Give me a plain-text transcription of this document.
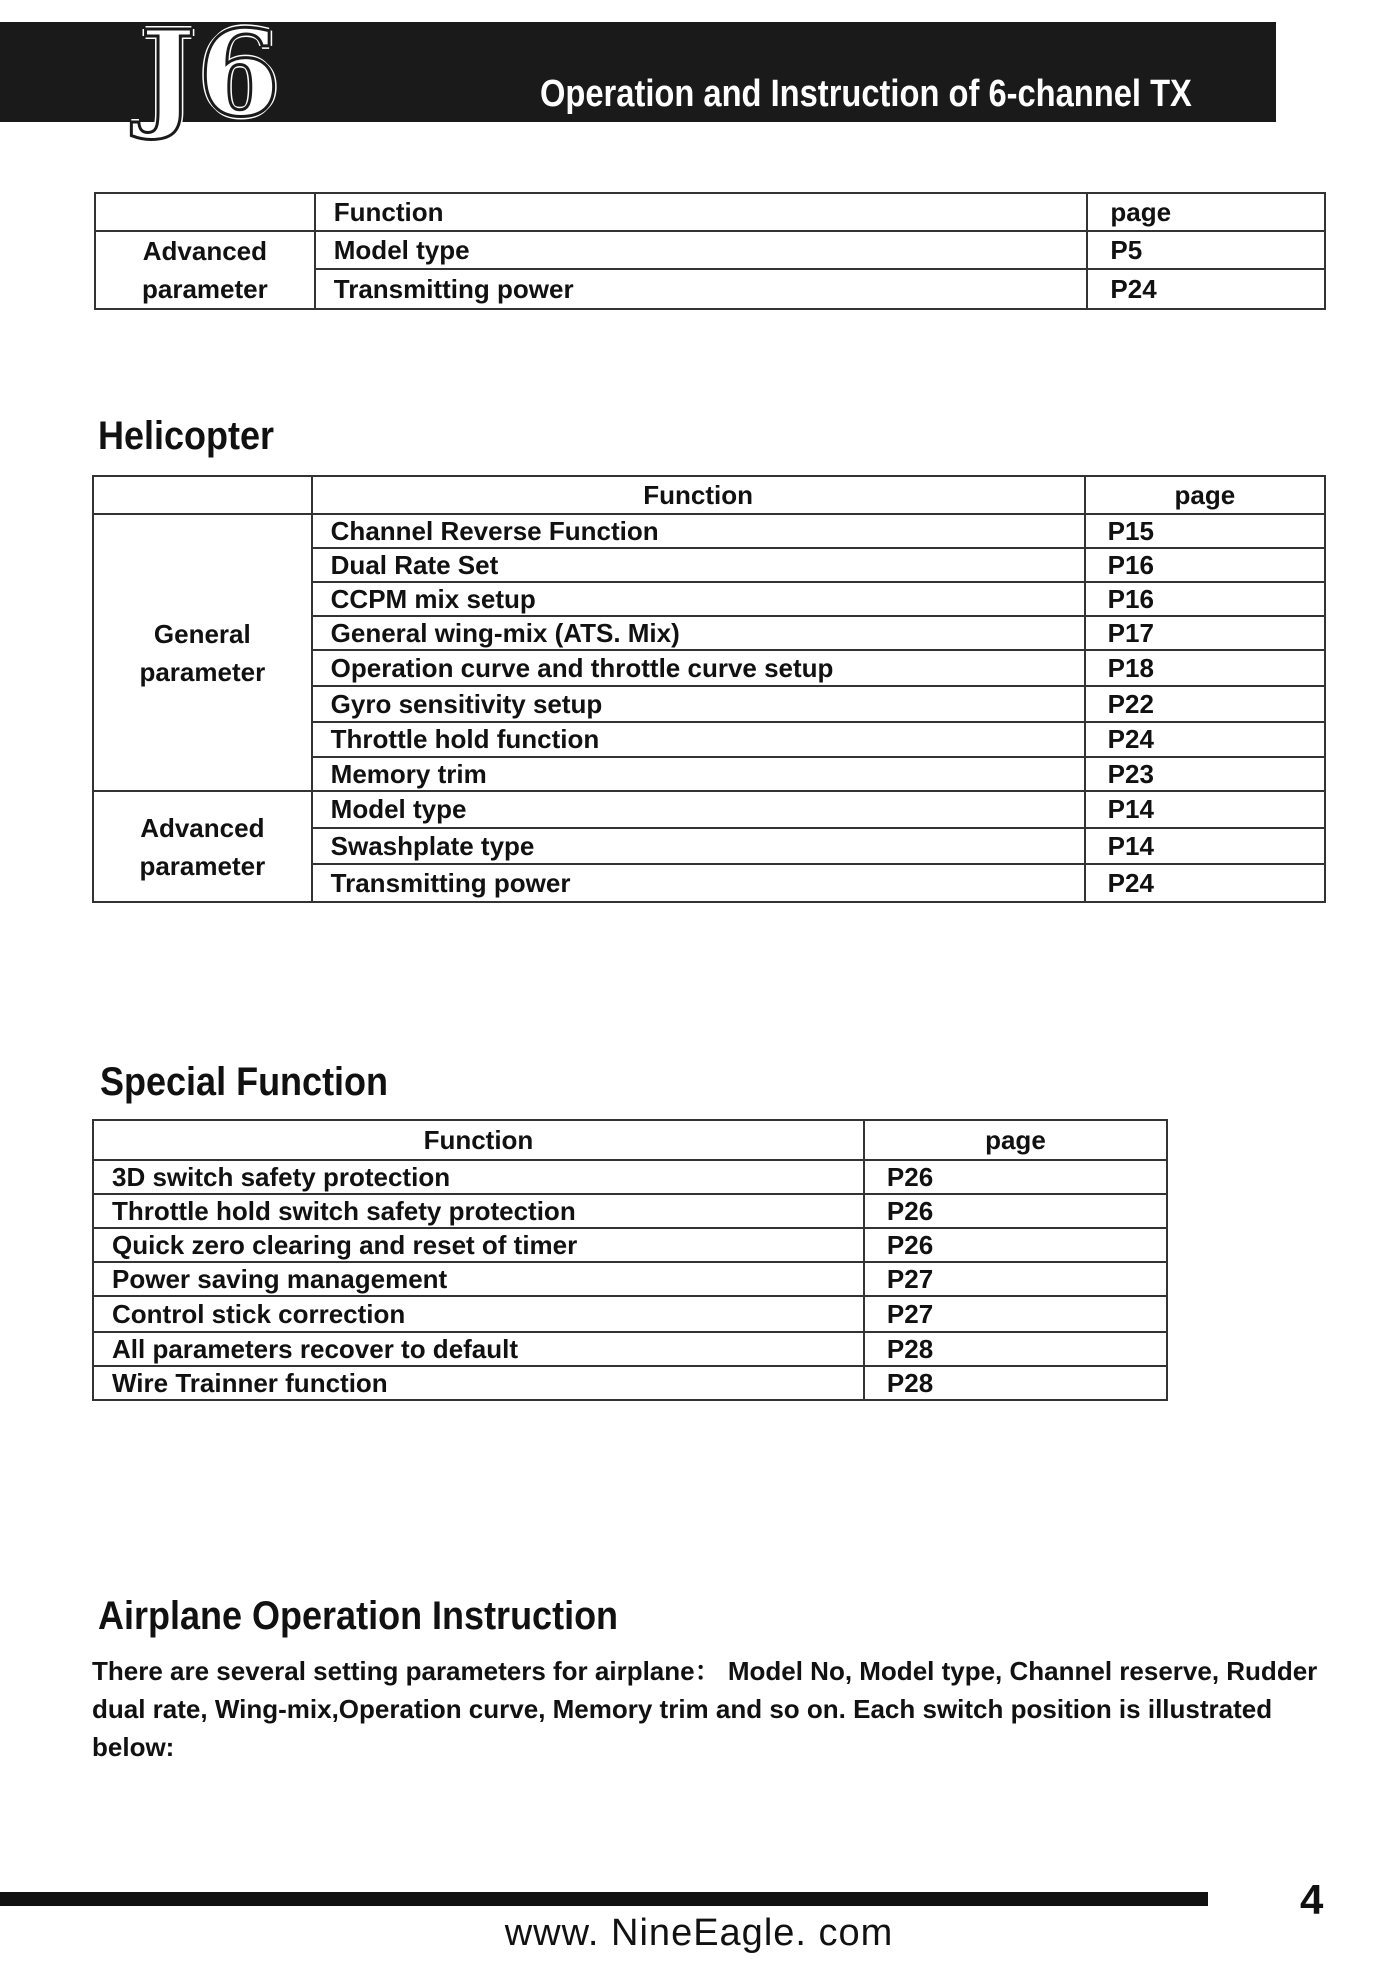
J6	Operation and Instruction of 6-channel TX
	Function	page
Advanced parameter	Model type	P5
	Transmitting power	P24
Helicopter
	Function	page
General parameter	Channel Reverse Function	P15
	Dual Rate Set	P16
	CCPM mix setup	P16
	General wing-mix (ATS. Mix)	P17
	Operation curve and throttle curve setup	P18
	Gyro sensitivity setup	P22
	Throttle hold function	P24
	Memory trim	P23
Advanced parameter	Model type	P14
	Swashplate type	P14
	Transmitting power	P24
Special Function
Function	page
3D switch safety protection	P26
Throttle hold switch safety protection	P26
Quick zero clearing and reset of timer	P26
Power saving management	P27
Control stick correction	P27
All parameters recover to default	P28
Wire Trainner function	P28
Airplane Operation Instruction
There are several setting parameters for airplane： Model No, Model type, Channel reserve, Rudder dual rate, Wing-mix,Operation curve, Memory trim and so on. Each switch position is illustrated below:
4
www. NineEagle. com
